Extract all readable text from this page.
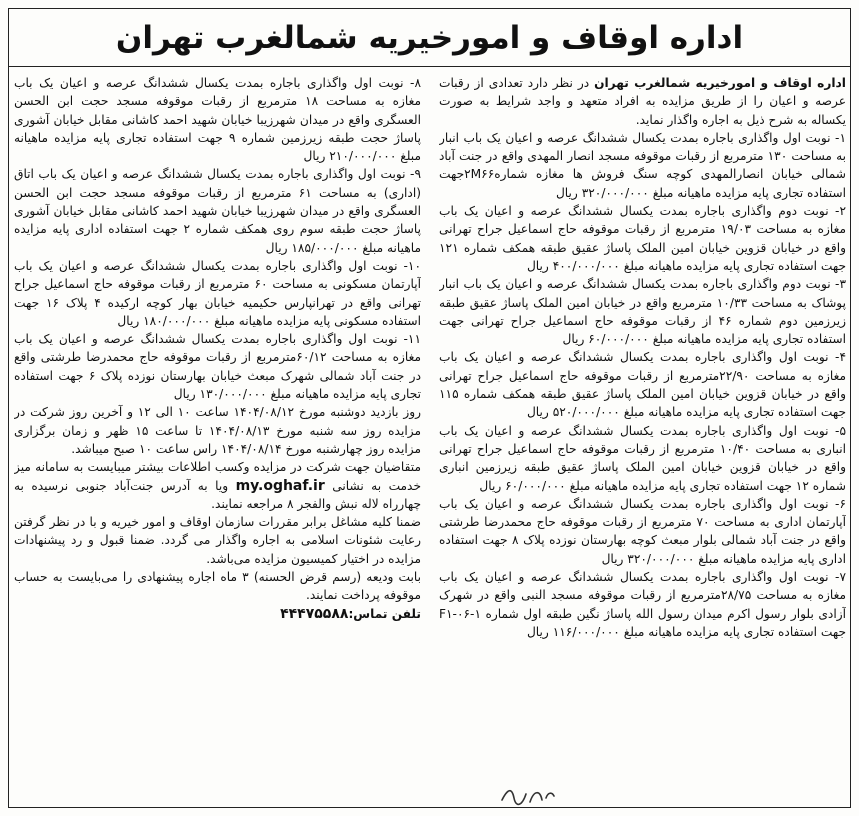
اداره اوقاف و امورخیریه شمالغرب تهران

اداره اوقاف و امورخیریه شمالغرب تهران در نظر دارد تعدادی از رقبات عرصه و اعیان را از طریق مزایده به افراد متعهد و واجد شرایط به صورت یکساله به شرح ذیل به اجاره واگذار نماید.

۱- نوبت اول واگذاری باجاره بمدت یکسال ششدانگ عرصه و اعیان یک باب انبار به مساحت ۱۳۰ مترمربع از رقبات موقوفه مسجد انصار المهدی واقع در جنت آباد شمالی خیابان انصارالمهدی کوچه سنگ فروش ها مغازه شماره۲M۶۶جهت استفاده تجاری پایه مزایده ماهیانه مبلغ ۳۲۰/۰۰۰/۰۰۰ ریال

۲- نوبت دوم واگذاری باجاره بمدت یکسال ششدانگ عرصه و اعیان یک باب مغازه به مساحت ۱۹/۰۳ مترمربع از رقبات موقوفه حاج اسماعیل جراح تهرانی واقع در خیابان قزوین خیابان امین الملک پاساژ عقیق طبقه همکف شماره ۱۲۱ جهت استفاده تجاری پایه مزایده ماهیانه مبلغ ۴۰۰/۰۰۰/۰۰۰ ریال

۳- نوبت دوم واگذاری باجاره بمدت یکسال ششدانگ عرصه و اعیان یک باب انبار پوشاک به مساحت ۱۰/۳۳ مترمربع واقع در خیابان امین الملک پاساژ عقیق طبقه زیرزمین دوم شماره ۴۶ از رقبات موقوفه حاج اسماعیل جراح تهرانی جهت استفاده تجاری پایه مزایده ماهیانه مبلغ ۶۰/۰۰۰/۰۰۰ ریال

۴- نوبت اول واگذاری باجاره بمدت یکسال ششدانگ عرصه و اعیان یک باب مغازه به مساحت ۲۲/۹۰مترمربع از رقبات موقوفه حاج اسماعیل جراح تهرانی واقع در خیابان قزوین خیابان امین الملک پاساژ عقیق طبقه همکف شماره ۱۱۵ جهت استفاده تجاری پایه مزایده ماهیانه مبلغ ۵۲۰/۰۰۰/۰۰۰ ریال

۵- نوبت اول واگذاری باجاره بمدت یکسال ششدانگ عرصه و اعیان یک باب انباری به مساحت ۱۰/۴۰ مترمربع از رقبات موقوفه حاج اسماعیل جراح تهرانی واقع در خیابان قزوین خیابان امین الملک پاساژ عقیق طبقه زیرزمین انباری شماره ۱۲ جهت استفاده تجاری پایه مزایده ماهیانه مبلغ ۶۰/۰۰۰/۰۰۰ ریال

۶- نوبت اول واگذاری باجاره بمدت یکسال ششدانگ عرصه و اعیان یک باب آپارتمان اداری به مساحت ۷۰ مترمربع از رقبات موقوفه حاج محمدرضا طرشتی واقع در جنت آباد شمالی بلوار مبعث کوچه بهارستان نوزده پلاک ۸ جهت استفاده اداری پایه مزایده ماهیانه مبلغ ۳۲۰/۰۰۰/۰۰۰ ریال

۷- نوبت اول واگذاری باجاره بمدت یکسال ششدانگ عرصه و اعیان یک باب مغازه به مساحت ۲۸/۷۵مترمربع از رقبات موقوفه مسجد النبی واقع در شهرک آزادی بلوار رسول اکرم میدان رسول الله پاساژ نگین طبقه اول شماره F۱-۰۶-۱ جهت استفاده تجاری پایه مزایده ماهیانه مبلغ ۱۱۶/۰۰۰/۰۰۰ ریال

۸- نوبت اول واگذاری باجاره بمدت یکسال ششدانگ عرصه و اعیان یک باب مغازه به مساحت ۱۸ مترمربع از رقبات موقوفه مسجد حجت ابن الحسن العسگری واقع در میدان شهرزیبا خیابان شهید احمد کاشانی مقابل خیابان آشوری پاساژ حجت طبقه زیرزمین شماره ۹ جهت استفاده تجاری پایه مزایده ماهیانه مبلغ ۲۱۰/۰۰۰/۰۰۰ ریال

۹- نوبت اول واگذاری باجاره بمدت یکسال ششدانگ عرصه و اعیان یک باب اتاق (اداری) به مساحت ۶۱ مترمربع از رقبات موقوفه مسجد حجت ابن الحسن العسگری واقع در میدان شهرزیبا خیابان شهید احمد کاشانی مقابل خیابان آشوری پاساژ حجت طبقه سوم روی همکف شماره ۲ جهت استفاده اداری پایه مزایده ماهیانه مبلغ ۱۸۵/۰۰۰/۰۰۰ ریال

۱۰- نوبت اول واگذاری باجاره بمدت یکسال ششدانگ عرصه و اعیان یک باب آپارتمان مسکونی به مساحت ۶۰ مترمربع از رقبات موقوفه حاج اسماعیل جراح تهرانی واقع در تهرانپارس حکیمیه خیابان بهار کوچه ارکیده ۴ پلاک ۱۶ جهت استفاده مسکونی پایه مزایده ماهیانه مبلغ ۱۸۰/۰۰۰/۰۰۰ ریال

۱۱- نوبت اول واگذاری باجاره بمدت یکسال ششدانگ عرصه و اعیان یک باب مغازه به مساحت ۶۰/۱۲مترمربع از رقبات موقوفه حاج محمدرضا طرشتی واقع در جنت آباد شمالی شهرک مبعث خیابان بهارستان نوزده پلاک ۶ جهت استفاده تجاری پایه مزایده ماهیانه مبلغ ۱۳۰/۰۰۰/۰۰۰ ریال

روز بازدید دوشنبه مورخ ۱۴۰۴/۰۸/۱۲ ساعت ۱۰ الی ۱۲ و آخرین روز شرکت در مزایده روز سه شنبه مورخ ۱۴۰۴/۰۸/۱۳ تا ساعت ۱۵ ظهر و زمان برگزاری مزایده روز چهارشنبه مورخ ۱۴۰۴/۰۸/۱۴ راس ساعت ۱۰ صبح میباشد.

متقاضیان جهت شرکت در مزایده وکسب اطلاعات بیشتر میبایست به سامانه میز خدمت به نشانی my.oghaf.ir ویا به آدرس جنت‌آباد جنوبی نرسیده به چهارراه لاله نبش والفجر ۸ مراجعه نمایند.

ضمنا کلیه مشاغل برابر مقررات سازمان اوقاف و امور خیریه و با در نظر گرفتن رعایت شئونات اسلامی به اجاره واگذار می گردد. ضمنا قبول و رد پیشنهادات مزایده در اختیار کمیسیون مزایده می‌باشد.

بابت ودیعه (رسم قرض الحسنه) ۳ ماه اجاره پیشنهادی را می‌بایست به حساب موقوفه پرداخت نمایند.

تلفن تماس:۴۴۴۷۵۵۸۸
